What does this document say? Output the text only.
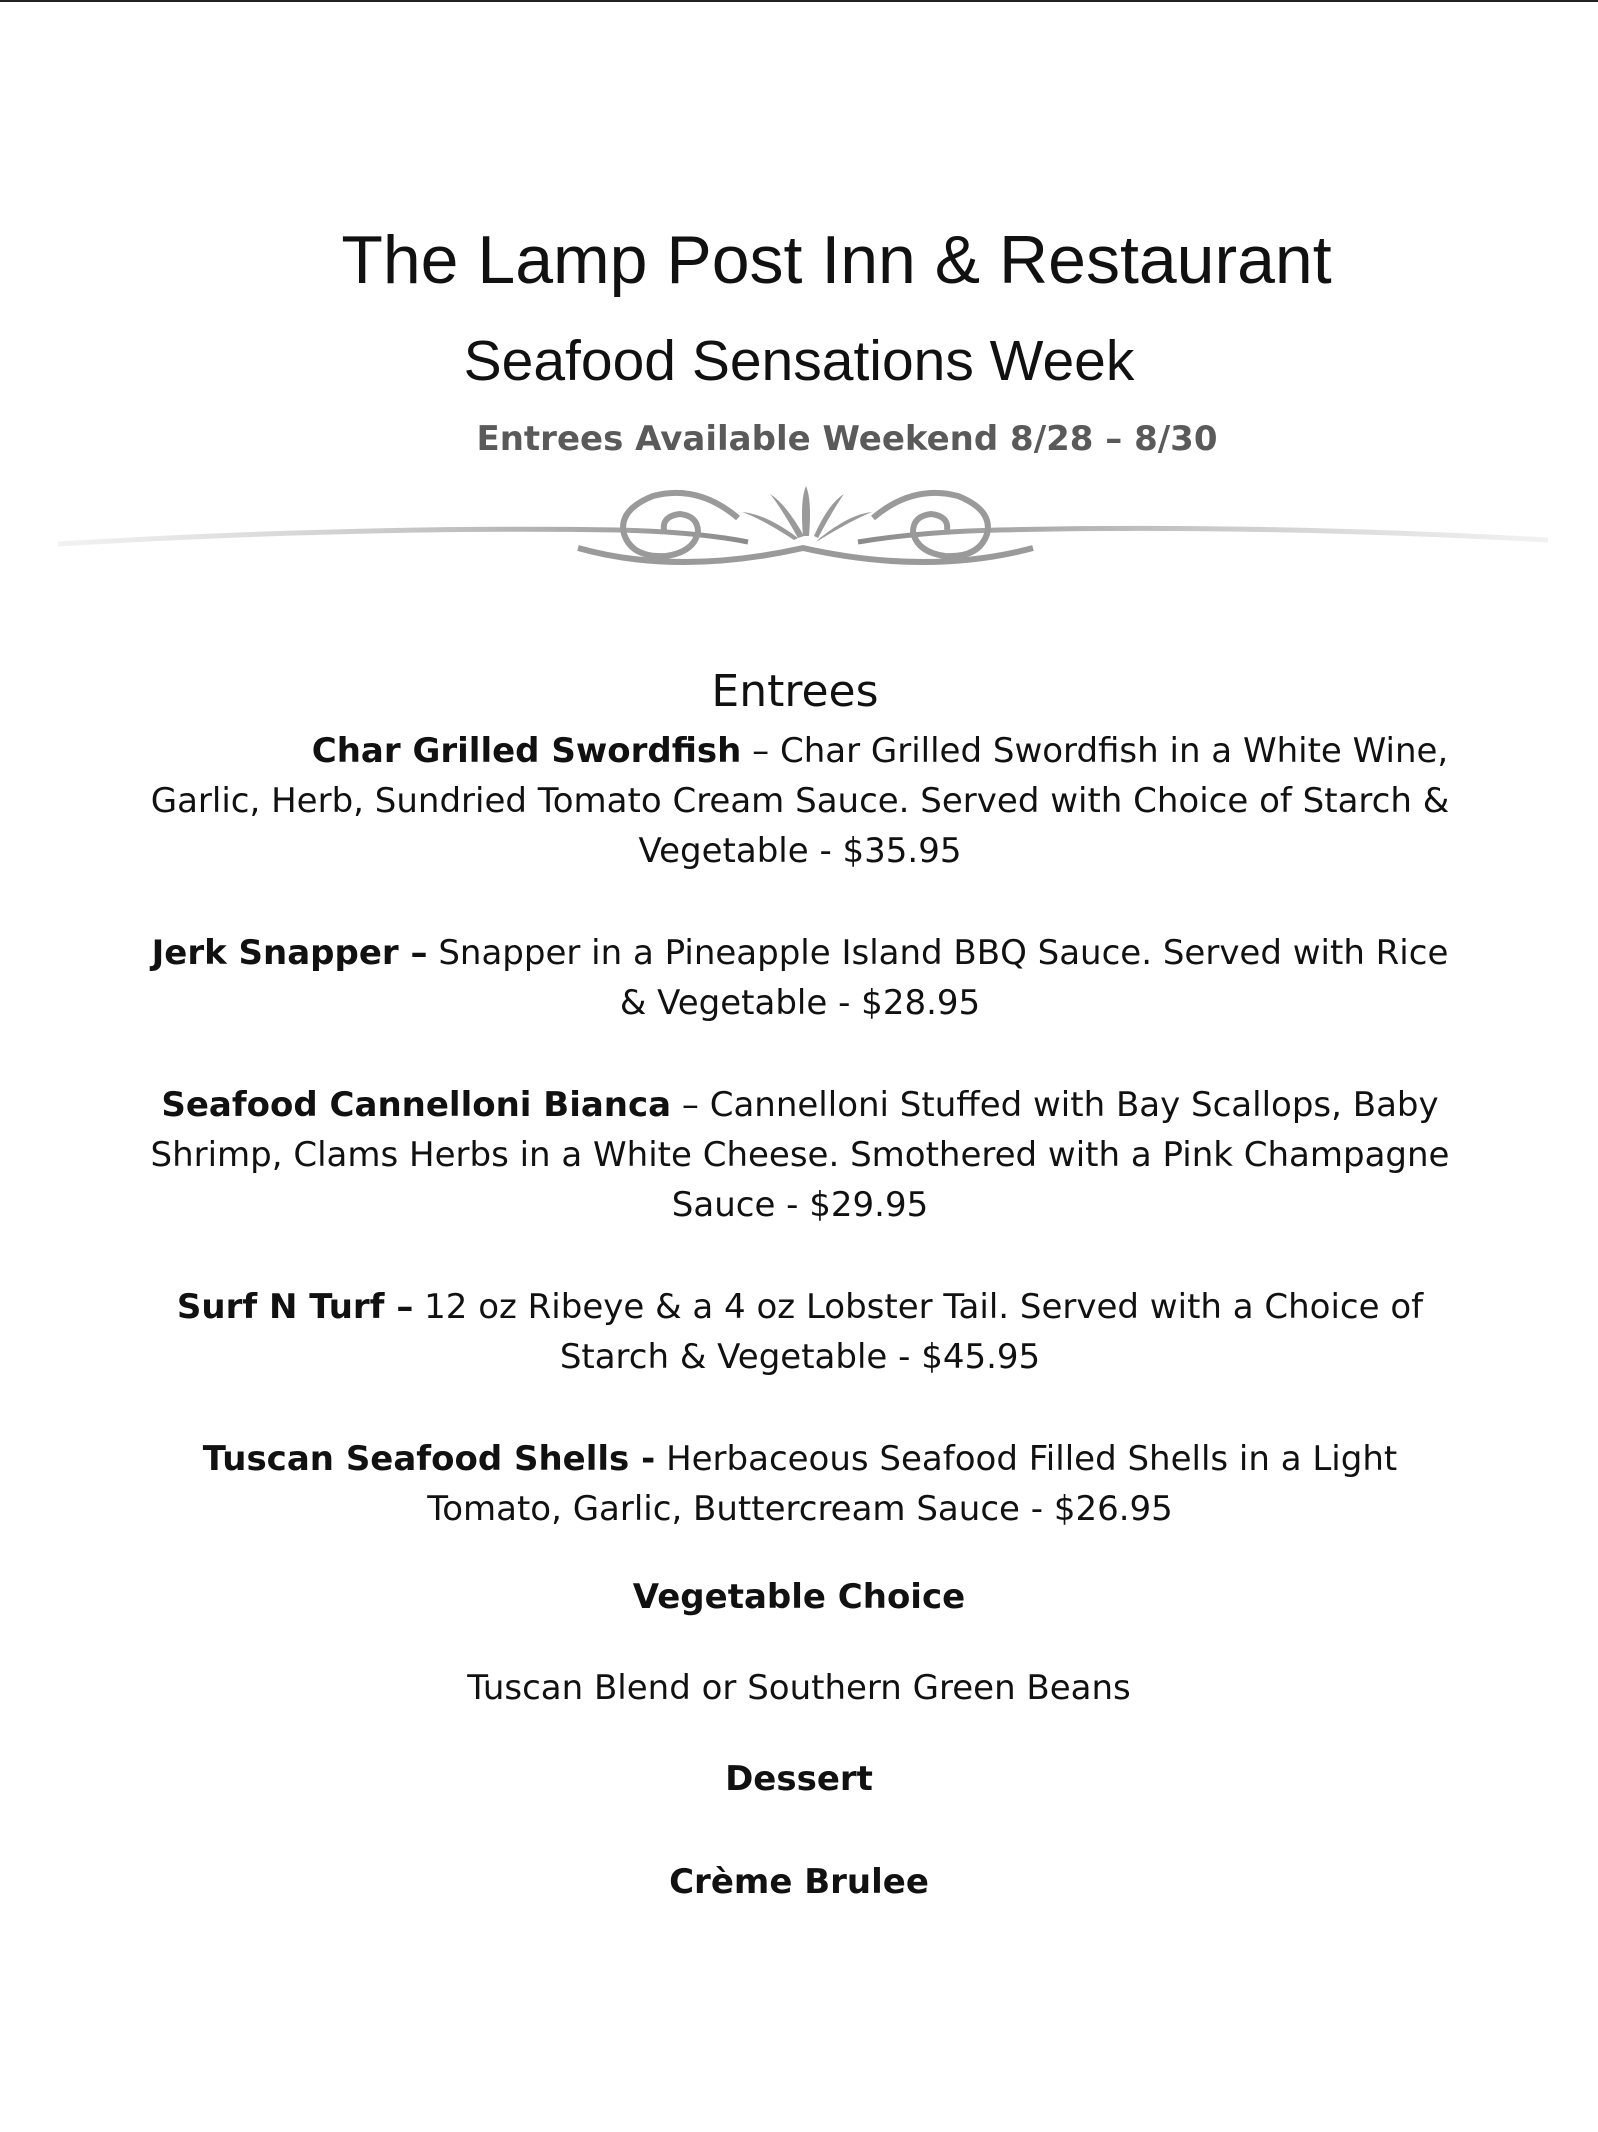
The Lamp Post Inn & Restaurant
Seafood Sensations Week
Entrees Available Weekend 8/28 – 8/30
Entrees

Char Grilled Swordfish – Char Grilled Swordfish in a White Wine, Garlic, Herb, Sundried Tomato Cream Sauce. Served with Choice of Starch & Vegetable - $35.95

Jerk Snapper – Snapper in a Pineapple Island BBQ Sauce. Served with Rice & Vegetable - $28.95

Seafood Cannelloni Bianca – Cannelloni Stuffed with Bay Scallops, Baby Shrimp, Clams Herbs in a White Cheese. Smothered with a Pink Champagne Sauce - $29.95

Surf N Turf – 12 oz Ribeye & a 4 oz Lobster Tail. Served with a Choice of Starch & Vegetable - $45.95

Tuscan Seafood Shells - Herbaceous Seafood Filled Shells in a Light Tomato, Garlic, Buttercream Sauce - $26.95

Vegetable Choice
Tuscan Blend or Southern Green Beans
Dessert
Crème Brulee
